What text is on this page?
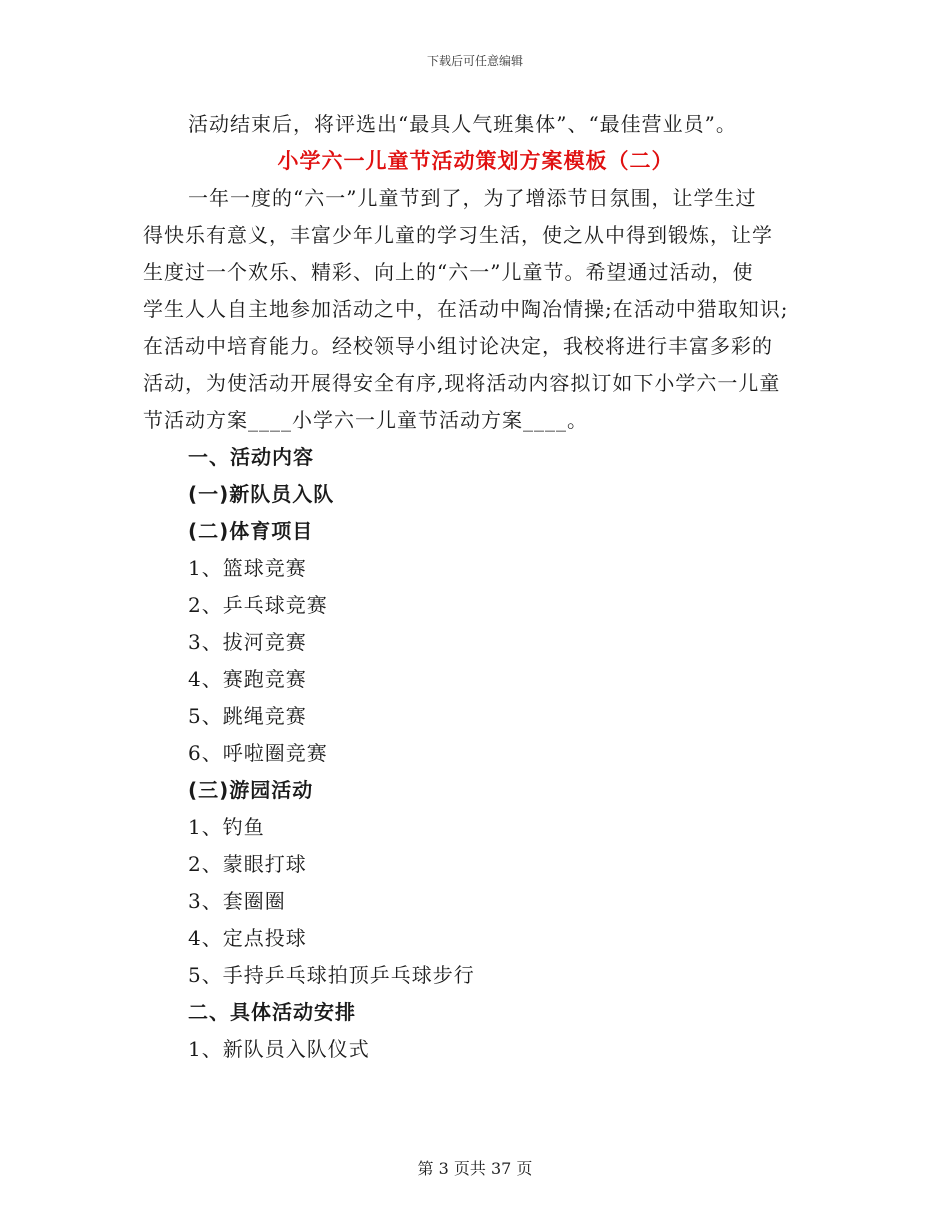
下载后可任意编辑
活动结束后，将评选出“最具人气班集体”、“最佳营业员”。
小学六一儿童节活动策划方案模板（二）
一年一度的“六一”儿童节到了，为了增添节日氛围，让学生过
得快乐有意义，丰富少年儿童的学习生活，使之从中得到锻炼，让学
生度过一个欢乐、精彩、向上的“六一”儿童节。希望通过活动，使
学生人人自主地参加活动之中，在活动中陶冶情操;在活动中猎取知识;
在活动中培育能力。经校领导小组讨论决定，我校将进行丰富多彩的
活动，为使活动开展得安全有序,现将活动内容拟订如下小学六一儿童
节活动方案____小学六一儿童节活动方案____。
一、活动内容
(一)新队员入队
(二)体育项目
1、篮球竞赛
2、乒乓球竞赛
3、拔河竞赛
4、赛跑竞赛
5、跳绳竞赛
6、呼啦圈竞赛
(三)游园活动
1、钓鱼
2、蒙眼打球
3、套圈圈
4、定点投球
5、手持乒乓球拍顶乒乓球步行
二、具体活动安排
1、新队员入队仪式
第 3 页共 37 页
